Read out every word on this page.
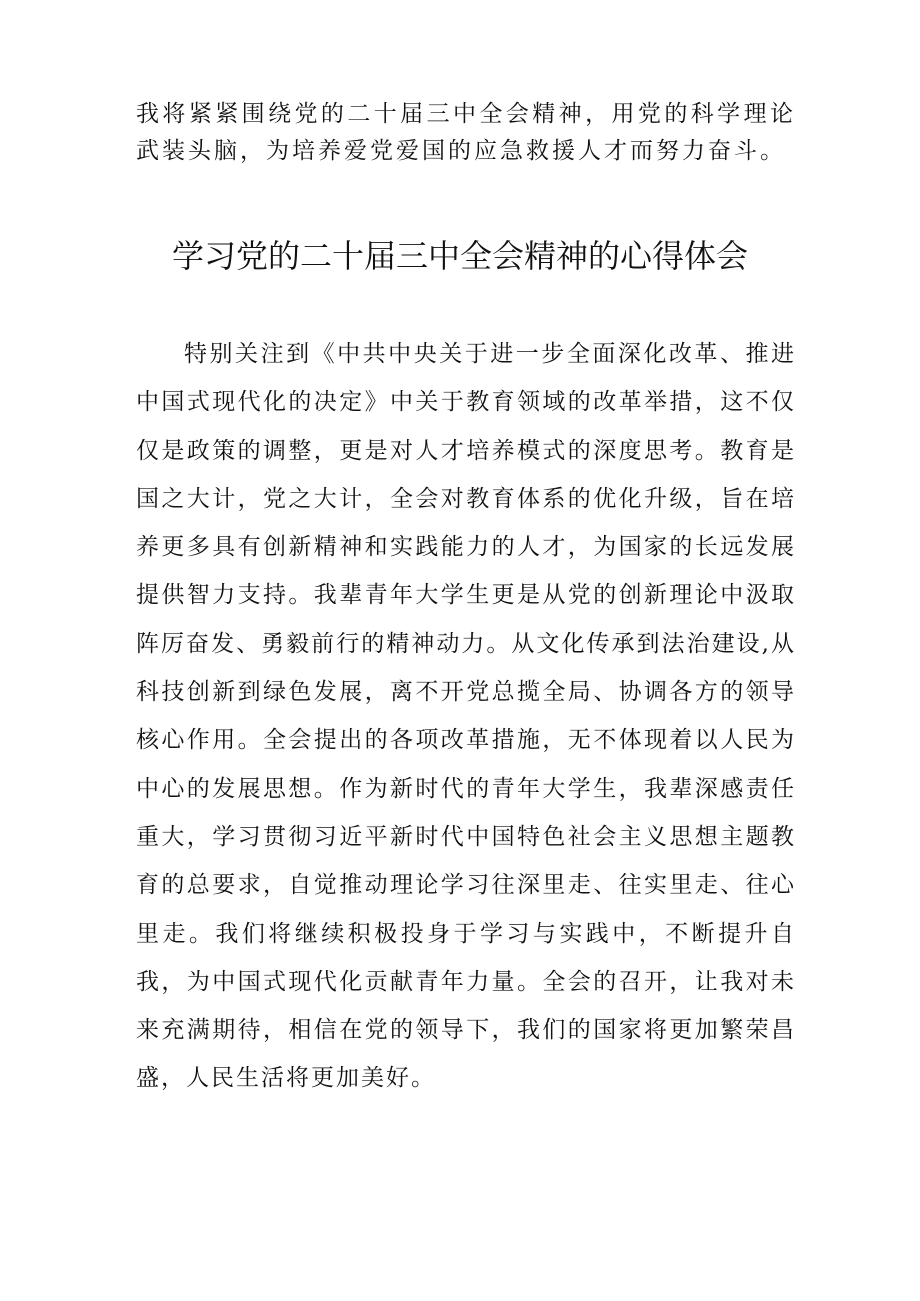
我将紧紧围绕党的二十届三中全会精神，用党的科学理论武装头脑，为培养爱党爱国的应急救援人才而努力奋斗。

学习党的二十届三中全会精神的心得体会

特别关注到《中共中央关于进一步全面深化改革、推进中国式现代化的决定》中关于教育领域的改革举措，这不仅仅是政策的调整，更是对人才培养模式的深度思考。教育是国之大计，党之大计，全会对教育体系的优化升级，旨在培养更多具有创新精神和实践能力的人才，为国家的长远发展提供智力支持。我辈青年大学生更是从党的创新理论中汲取阵厉奋发、勇毅前行的精神动力。从文化传承到法治建设,从科技创新到绿色发展，离不开党总揽全局、协调各方的领导核心作用。全会提出的各项改革措施，无不体现着以人民为中心的发展思想。作为新时代的青年大学生，我辈深感责任重大，学习贯彻习近平新时代中国特色社会主义思想主题教育的总要求，自觉推动理论学习往深里走、往实里走、往心里走。我们将继续积极投身于学习与实践中，不断提升自我，为中国式现代化贡献青年力量。全会的召开，让我对未来充满期待，相信在党的领导下，我们的国家将更加繁荣昌盛，人民生活将更加美好。
